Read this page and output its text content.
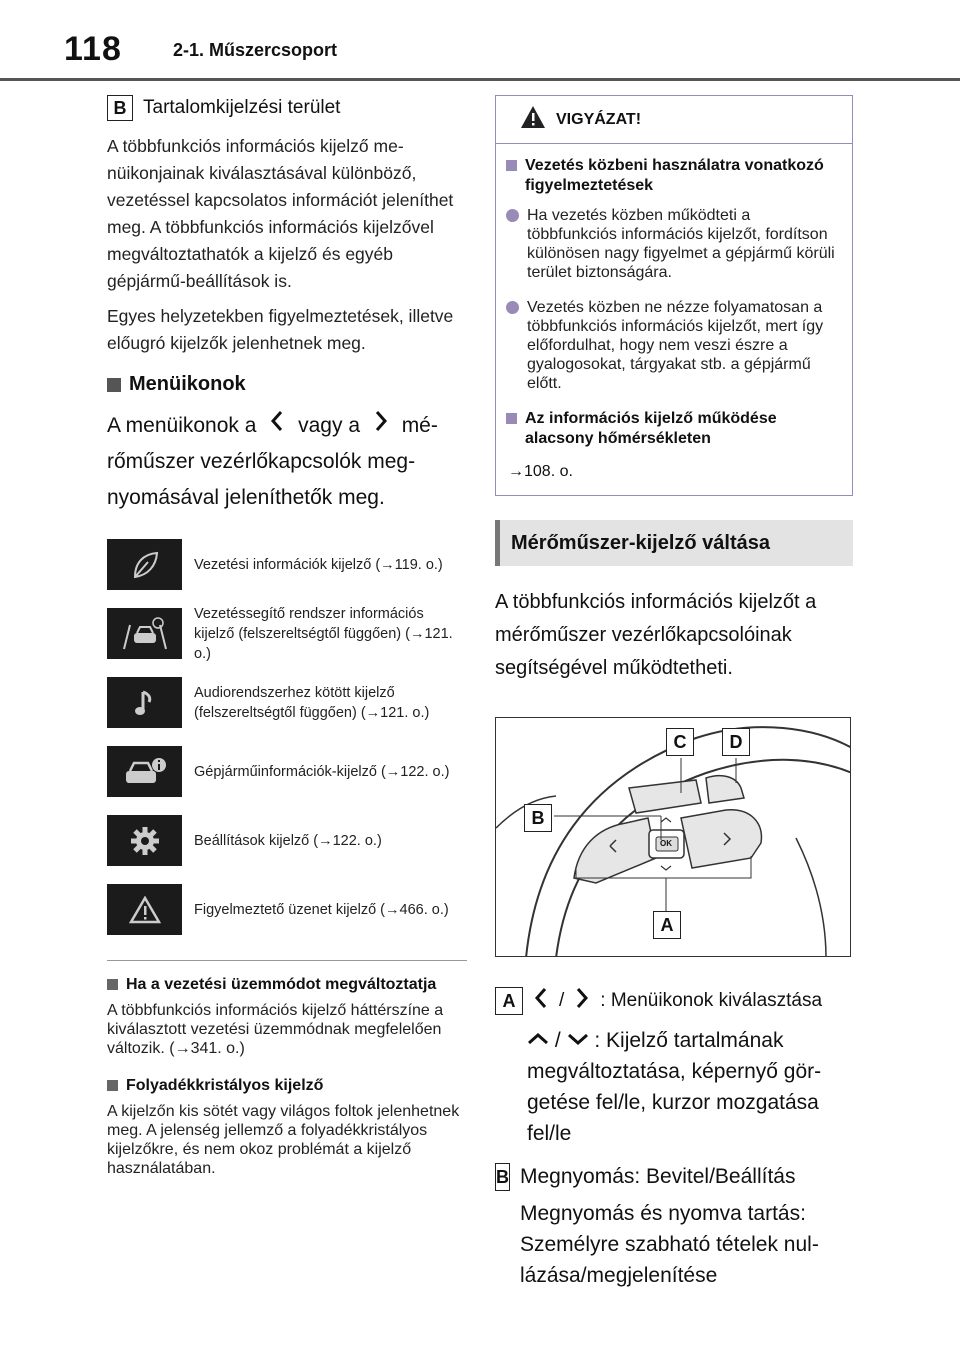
118	2-1. Műszercsoport
B Tartalomkijelzési terület
A többfunkciós információs kijelző menüikonjainak kiválasztásával különböző, vezetéssel kapcsolatos információt jeleníthet meg. A többfunkciós információs kijelzővel megváltoztathatók a kijelző és egyéb gépjármű-beállítások is.
Egyes helyzetekben figyelmeztetések, illetve előugró kijelzők jelenhetnek meg.
Menüikonok
A menüikonok a vagy a mérőműszer vezérlőkapcsolók megnyomásával jeleníthetők meg.
Vezetési információk kijelző (→119. o.)
Vezetéssegítő rendszer információs kijelző (felszereltségtől függően) (→121. o.)
Audiorendszerhez kötött kijelző (felszereltségtől függően) (→121. o.)
Gépjárműinformációk-kijelző (→122. o.)
Beállítások kijelző (→122. o.)
Figyelmeztető üzenet kijelző (→466. o.)
Ha a vezetési üzemmódot megváltoztatja
A többfunkciós információs kijelző háttérszíne a kiválasztott vezetési üzemmódnak megfelelően változik. (→341. o.)
Folyadékkristályos kijelző
A kijelzőn kis sötét vagy világos foltok jelenhetnek meg. A jelenség jellemző a folyadékkristályos kijelzőkre, és nem okoz problémát a kijelző használatában.
VIGYÁZAT!
Vezetés közbeni használatra vonatkozó figyelmeztetések
Ha vezetés közben működteti a többfunkciós információs kijelzőt, fordítson különösen nagy figyelmet a gépjármű körüli terület biztonságára.
Vezetés közben ne nézze folyamatosan a többfunkciós információs kijelzőt, mert így előfordulhat, hogy nem veszi észre a gyalogosokat, tárgyakat stb. a gépjármű előtt.
Az információs kijelző működése alacsony hőmérsékleten
→108. o.
Mérőműszer-kijelző váltása
A többfunkciós információs kijelzőt a mérőműszer vezérlőkapcsolóinak segítségével működtetheti.
C	D
B
A
OK
A	/ : Menüikonok kiválasztása
/ : Kijelző tartalmának megváltoztatása, képernyő görgetése fel/le, kurzor mozgatása fel/le
B Megnyomás: Bevitel/Beállítás
Megnyomás és nyomva tartás: Személyre szabható tételek nullázása/megjelenítése
